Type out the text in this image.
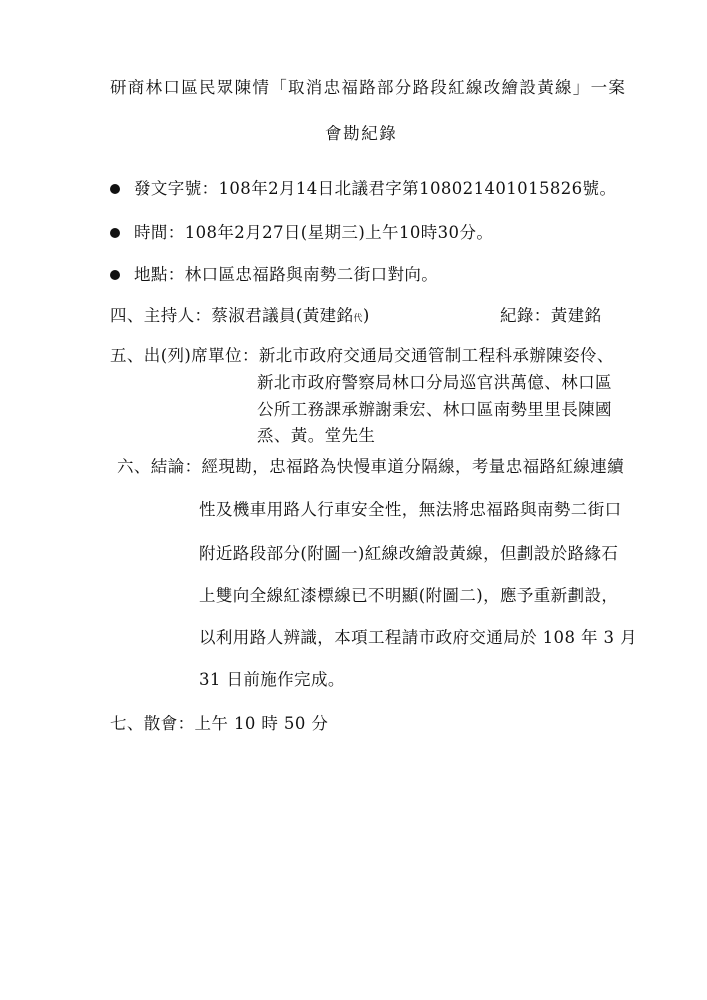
研商林口區民眾陳情「取消忠福路部分路段紅線改繪設黃線」一案
會勘紀錄
發文字號：108年2月14日北議君字第108021401015826號。
時間：108年2月27日(星期三)上午10時30分。
地點：林口區忠福路與南勢二街口對向。
四、主持人：蔡淑君議員(黃建銘代)	紀錄：黃建銘
五、出(列)席單位：新北市政府交通局交通管制工程科承辦陳姿伶、
新北市政府警察局林口分局巡官洪萬億、林口區
公所工務課承辦謝秉宏、林口區南勢里里長陳國
烝、黃。堂先生
六、結論：經現勘，忠福路為快慢車道分隔線，考量忠福路紅線連續
性及機車用路人行車安全性，無法將忠福路與南勢二街口
附近路段部分(附圖一)紅線改繪設黃線，但劃設於路緣石
上雙向全線紅漆標線已不明顯(附圖二)，應予重新劃設，
以利用路人辨識，本項工程請市政府交通局於 108 年 3 月
31 日前施作完成。
七、散會：上午 10 時 50 分
